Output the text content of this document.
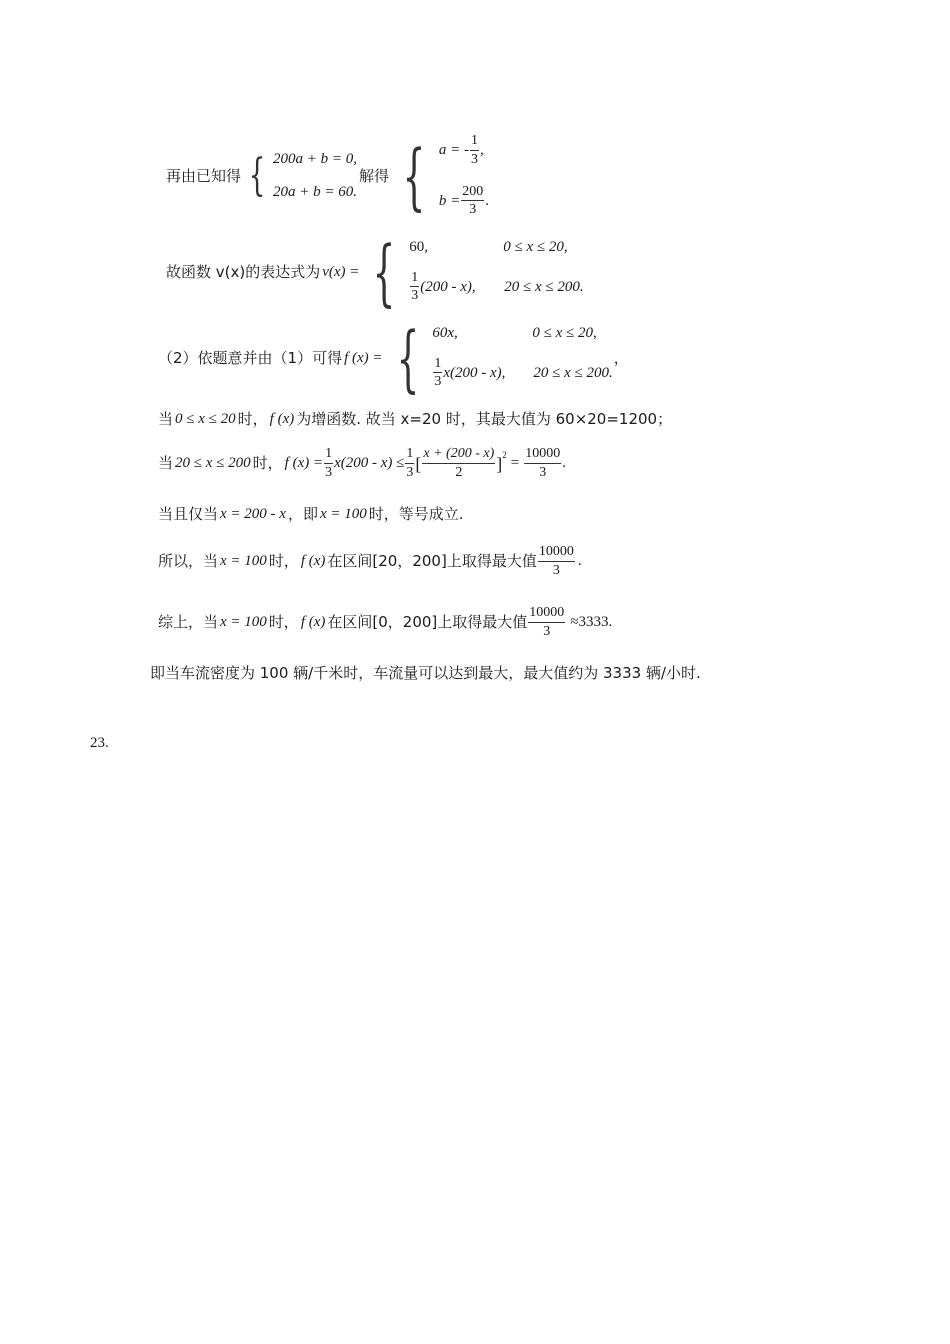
再由已知得 { 200a + b = 0,
20a + b = 60.
解得 { a = - $\frac{1}{3}$ ,
$b = \frac{200}{3}$ .
故函数 v(x)的表达式为 v(x) = { 60,	0 ≤ x ≤ 20,
$\frac{1}{3} (200 - x)$,	20 ≤ x ≤ 200.
（2）依题意并由（1）可得 f (x) = { 60x,	0 ≤ x ≤ 20,
$\frac{1}{3} x(200 - x)$,	20 ≤ x ≤ 200.
，
当 0 ≤ x ≤ 20 时， f (x) 为增函数. 故当 x=20 时，其最大值为 60×20=1200；
当 20 ≤ x ≤ 200 时， f $(x) = \frac{1}{3} x(200 - x) \le \frac{1}{3}$ [ $\frac{x + (200 - x)}{2}$ ] 2
= $\frac{10000}{3}$ .
当且仅当 x = 200 - x ，即 x = 100 时，等号成立.
所以，当 x = 100 时， f (x) 在区间[20，200]上取得最大值 $\frac{10000}{3}$ .
综上，当 x = 100 时， f (x) 在区间[0，200]上取得最大值 $\frac{10000}{3} \approx 3333$.
即当车流密度为 100 辆/千米时，车流量可以达到最大，最大值约为 3333 辆/小时.
23.
